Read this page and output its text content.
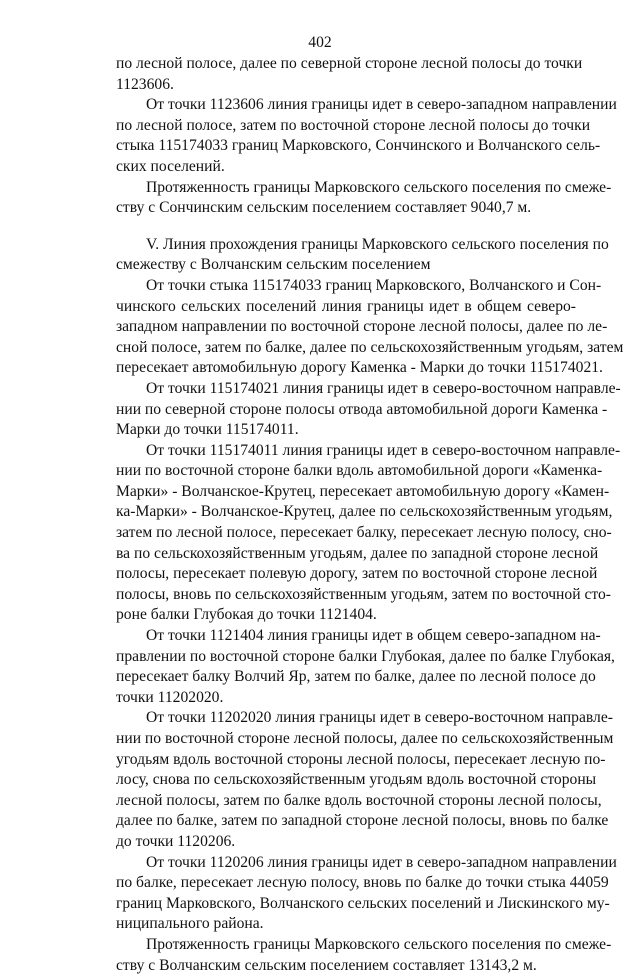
402
по лесной полосе, далее по северной стороне лесной полосы до точки
1123606.
От точки 1123606 линия границы идет в северо-западном направлении
по лесной полосе, затем по восточной стороне лесной полосы до точки
стыка 115174033 границ Марковского, Сончинского и Волчанского сель-
ских поселений.
Протяженность границы Марковского сельского поселения по смеже-
ству с Сончинским сельским поселением составляет 9040,7 м.
V. Линия прохождения границы Марковского сельского поселения по
смежеству с Волчанским сельским поселением
От точки стыка 115174033 границ Марковского, Волчанского и Сон-
чинского сельских поселений линия границы идет в общем северо-
западном направлении по восточной стороне лесной полосы, далее по ле-
сной полосе, затем по балке, далее по сельскохозяйственным угодьям, затем
пересекает автомобильную дорогу Каменка - Марки до точки 115174021.
От точки 115174021 линия границы идет в северо-восточном направле-
нии по северной стороне полосы отвода автомобильной дороги Каменка -
Марки до точки 115174011.
От точки 115174011 линия границы идет в северо-восточном направле-
нии по восточной стороне балки вдоль автомобильной дороги «Каменка-
Марки» - Волчанское-Крутец, пересекает автомобильную дорогу «Камен-
ка-Марки» - Волчанское-Крутец, далее по сельскохозяйственным угодьям,
затем по лесной полосе, пересекает балку, пересекает лесную полосу, сно-
ва по сельскохозяйственным угодьям, далее по западной стороне лесной
полосы, пересекает полевую дорогу, затем по восточной стороне лесной
полосы, вновь по сельскохозяйственным угодьям, затем по восточной сто-
роне балки Глубокая до точки 1121404.
От точки 1121404 линия границы идет в общем северо-западном на-
правлении по восточной стороне балки Глубокая, далее по балке Глубокая,
пересекает балку Волчий Яр, затем по балке, далее по лесной полосе до
точки 11202020.
От точки 11202020 линия границы идет в северо-восточном направле-
нии по восточной стороне лесной полосы, далее по сельскохозяйственным
угодьям вдоль восточной стороны лесной полосы, пересекает лесную по-
лосу, снова по сельскохозяйственным угодьям вдоль восточной стороны
лесной полосы, затем по балке вдоль восточной стороны лесной полосы,
далее по балке, затем по западной стороне лесной полосы, вновь по балке
до точки 1120206.
От точки 1120206 линия границы идет в северо-западном направлении
по балке, пересекает лесную полосу, вновь по балке до точки стыка 44059
границ Марковского, Волчанского сельских поселений и Лискинского му-
ниципального района.
Протяженность границы Марковского сельского поселения по смеже-
ству с Волчанским сельским поселением составляет 13143,2 м.
